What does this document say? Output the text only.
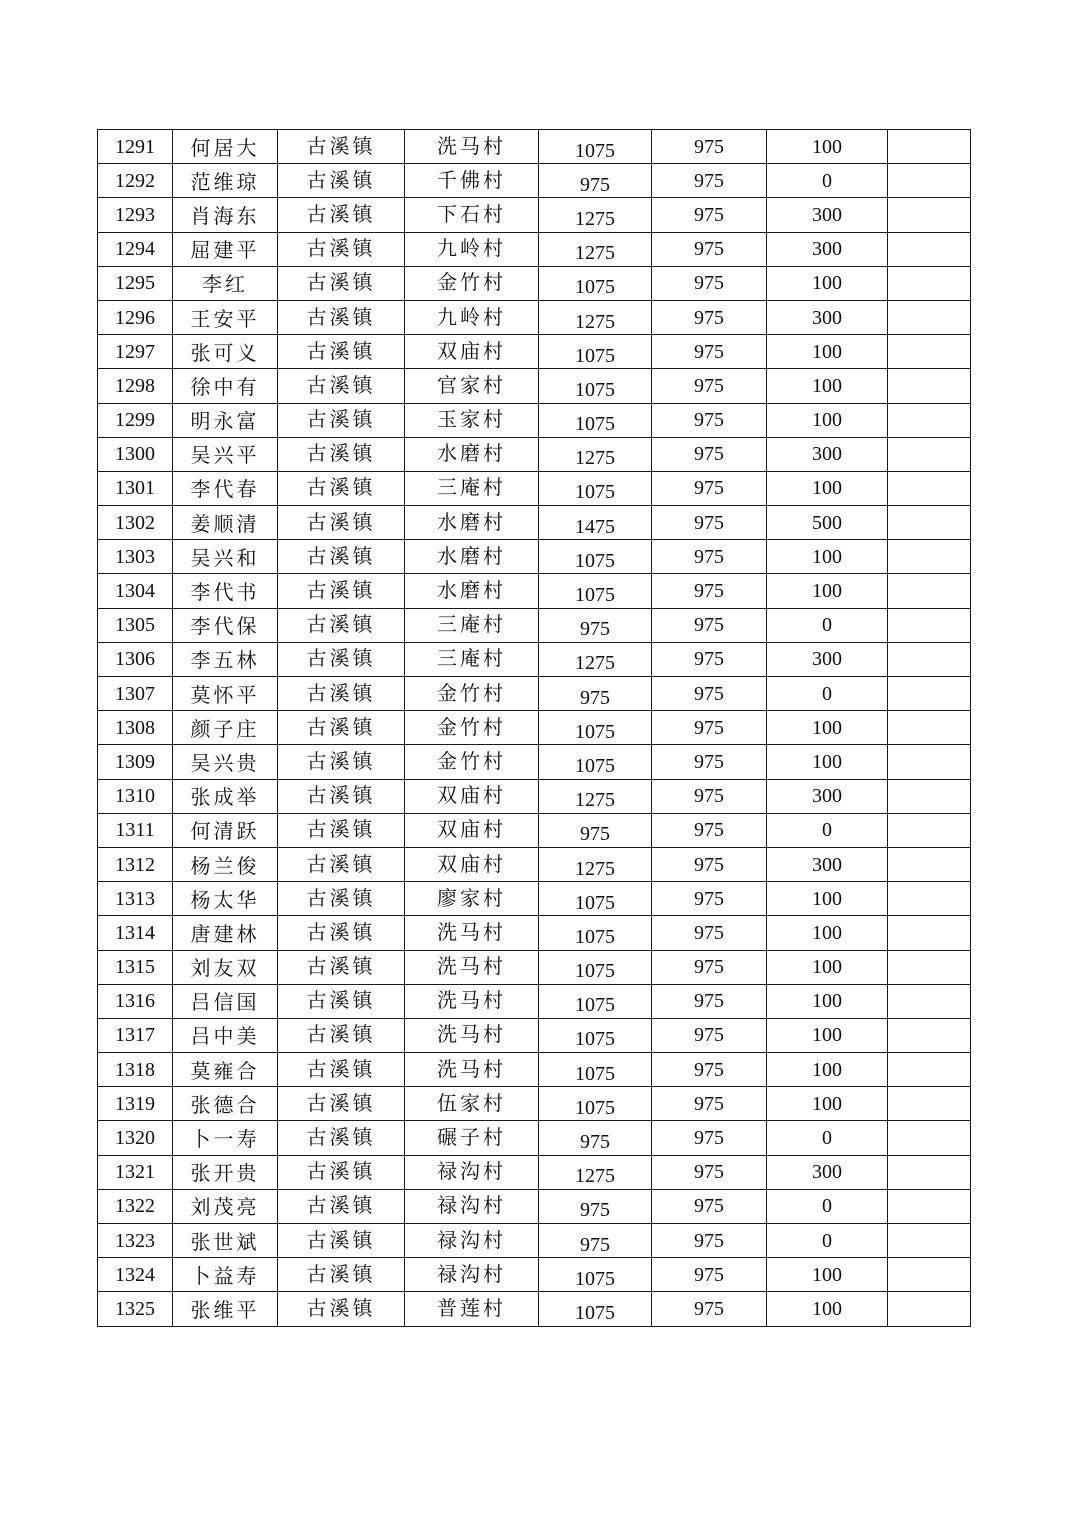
1291	何居大	古溪镇	洗马村	1075	975	100	
1292	范维琼	古溪镇	千佛村	975	975	0	
1293	肖海东	古溪镇	下石村	1275	975	300	
1294	屈建平	古溪镇	九岭村	1275	975	300	
1295	李红	古溪镇	金竹村	1075	975	100	
1296	王安平	古溪镇	九岭村	1275	975	300	
1297	张可义	古溪镇	双庙村	1075	975	100	
1298	徐中有	古溪镇	官家村	1075	975	100	
1299	明永富	古溪镇	玉家村	1075	975	100	
1300	吴兴平	古溪镇	水磨村	1275	975	300	
1301	李代春	古溪镇	三庵村	1075	975	100	
1302	姜顺清	古溪镇	水磨村	1475	975	500	
1303	吴兴和	古溪镇	水磨村	1075	975	100	
1304	李代书	古溪镇	水磨村	1075	975	100	
1305	李代保	古溪镇	三庵村	975	975	0	
1306	李五林	古溪镇	三庵村	1275	975	300	
1307	莫怀平	古溪镇	金竹村	975	975	0	
1308	颜子庄	古溪镇	金竹村	1075	975	100	
1309	吴兴贵	古溪镇	金竹村	1075	975	100	
1310	张成举	古溪镇	双庙村	1275	975	300	
1311	何清跃	古溪镇	双庙村	975	975	0	
1312	杨兰俊	古溪镇	双庙村	1275	975	300	
1313	杨太华	古溪镇	廖家村	1075	975	100	
1314	唐建林	古溪镇	洗马村	1075	975	100	
1315	刘友双	古溪镇	洗马村	1075	975	100	
1316	吕信国	古溪镇	洗马村	1075	975	100	
1317	吕中美	古溪镇	洗马村	1075	975	100	
1318	莫雍合	古溪镇	洗马村	1075	975	100	
1319	张德合	古溪镇	伍家村	1075	975	100	
1320	卜一寿	古溪镇	碾子村	975	975	0	
1321	张开贵	古溪镇	禄沟村	1275	975	300	
1322	刘茂亮	古溪镇	禄沟村	975	975	0	
1323	张世斌	古溪镇	禄沟村	975	975	0	
1324	卜益寿	古溪镇	禄沟村	1075	975	100	
1325	张维平	古溪镇	普莲村	1075	975	100	
